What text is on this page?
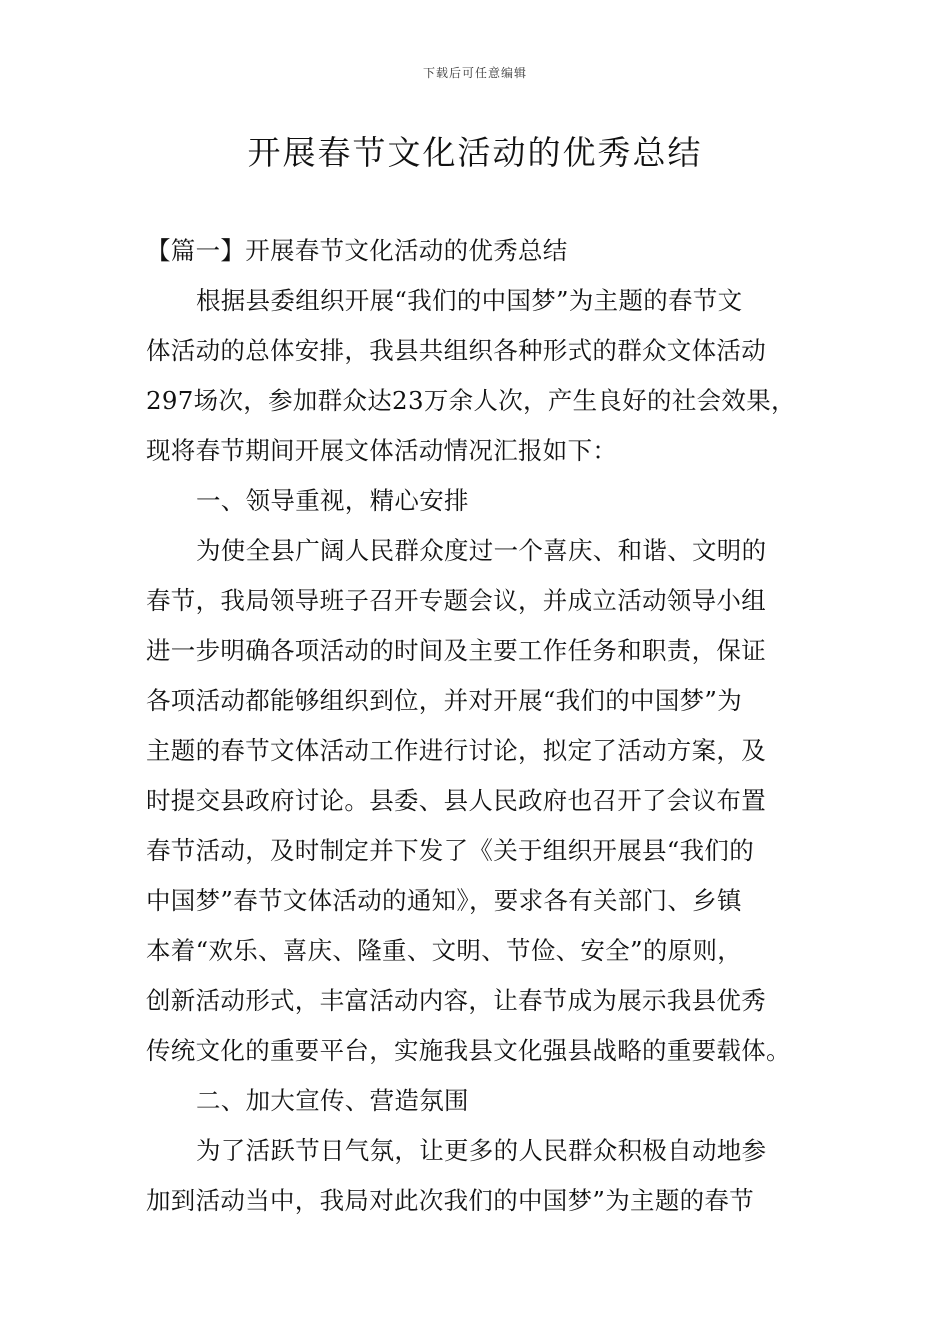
下载后可任意编辑
开展春节文化活动的优秀总结
【篇一】开展春节文化活动的优秀总结
根据县委组织开展“我们的中国梦”为主题的春节文
体活动的总体安排，我县共组织各种形式的群众文体活动
297场次，参加群众达23万余人次，产生良好的社会效果，
现将春节期间开展文体活动情况汇报如下：
一、领导重视，精心安排
为使全县广阔人民群众度过一个喜庆、和谐、文明的
春节，我局领导班子召开专题会议，并成立活动领导小组
进一步明确各项活动的时间及主要工作任务和职责，保证
各项活动都能够组织到位，并对开展“我们的中国梦”为
主题的春节文体活动工作进行讨论，拟定了活动方案，及
时提交县政府讨论。县委、县人民政府也召开了会议布置
春节活动，及时制定并下发了《关于组织开展县“我们的
中国梦”春节文体活动的通知》，要求各有关部门、乡镇
本着“欢乐、喜庆、隆重、文明、节俭、安全”的原则，
创新活动形式，丰富活动内容，让春节成为展示我县优秀
传统文化的重要平台，实施我县文化强县战略的重要载体。
二、加大宣传、营造氛围
为了活跃节日气氛，让更多的人民群众积极自动地参
加到活动当中，我局对此次我们的中国梦”为主题的春节
